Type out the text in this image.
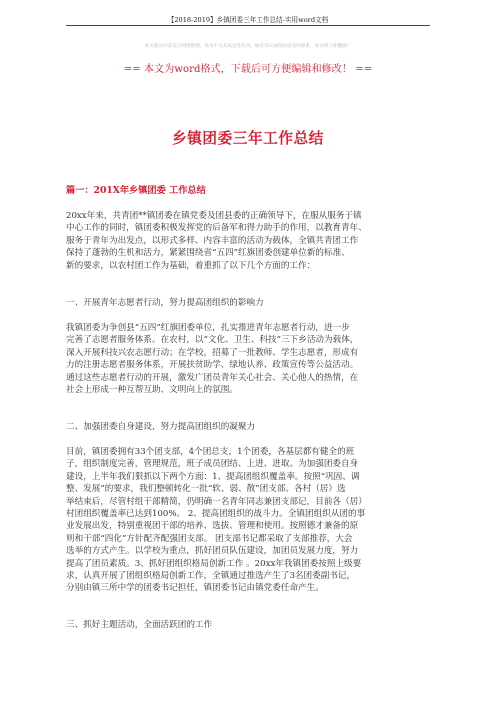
【2018-2019】乡镇团委三年工作总结-实用word文档
本文部分内容来自网络整理，本司不为其真实性负责，如有异议或侵权请及时联系，本司将立即删除！
== 本文为word格式，下载后可方便编辑和修改！ ==
乡镇团委三年工作总结
篇一：201X年乡镇团委 工作总结
20xx年来，共青团**镇团委在镇党委及团县委的正确领导下，在服从服务于镇
中心工作的同时，镇团委积极发挥党的后备军和得力助手的作用，以教育青年、
服务于青年为出发点，以形式多样、内容丰富的活动为载体，全镇共青团工作
保持了蓬勃的生机和活力，紧紧围绕省“五四”红旗团委创建单位新的标准、
新的要求，以农村团工作为基础，着重抓了以下几个方面的工作：
一、开展青年志愿者行动，努力提高团组织的影响力
我镇团委为争创县“五四”红旗团委单位，扎实推进青年志愿者行动，进一步
完善了志愿者服务体系。在农村，以“文化、卫生、科技”三下乡活动为载体，
深入开展科技兴农志愿行动；在学校，招募了一批教师、学生志愿者，形成有
力的注册志愿者服务体系，开展扶贫助学、绿地认养、政策宣传等公益活动。
通过这些志愿者行动的开展，激发广团员青年关心社会、关心他人的热情，在
社会上形成一种互帮互助、文明向上的氛围。
二、加强团委自身建设，努力提高团组织的凝聚力
目前，镇团委拥有33个团支部，4个团总支，1个团委，各基层都有健全的班
子，组织制度完善，管理规范，班子成员团结、上进、进取。为加强团委自身
建设，上半年我们狠抓以下两个方面：1、提高团组织覆盖率。按照“巩固、调
整、发展”的要求，我们整顿转化一批“软、弱、散”团支部。各村（居）选
举结束后，尽管村组干部精简，仍明确一名青年同志兼团支部记，目前各（居）
村团组织覆盖率已达到100%。 2、提高团组织的战斗力。全镇团组织从团的事
业发展出发，特别重视团干部的培养、选拔、管理和使用。按照德才兼备的原
则和干部“四化”方针配齐配强团支部。 团支部书记都采取了支部推荐，大会
选举的方式产生。以学校为重点，抓好团员队伍建设，加团员发展力度，努力
提高了团员素质。3、抓好团组织格局创新工作 。20xx年我镇团委按照上级要
求，认真开展了团组织格局创新工作，全镇通过推选产生了3名团委副书记，
分别由镇三所中学的团委书记担任，镇团委书记由镇党委任命产生。
三、抓好主题活动，全面活跃团的工作
